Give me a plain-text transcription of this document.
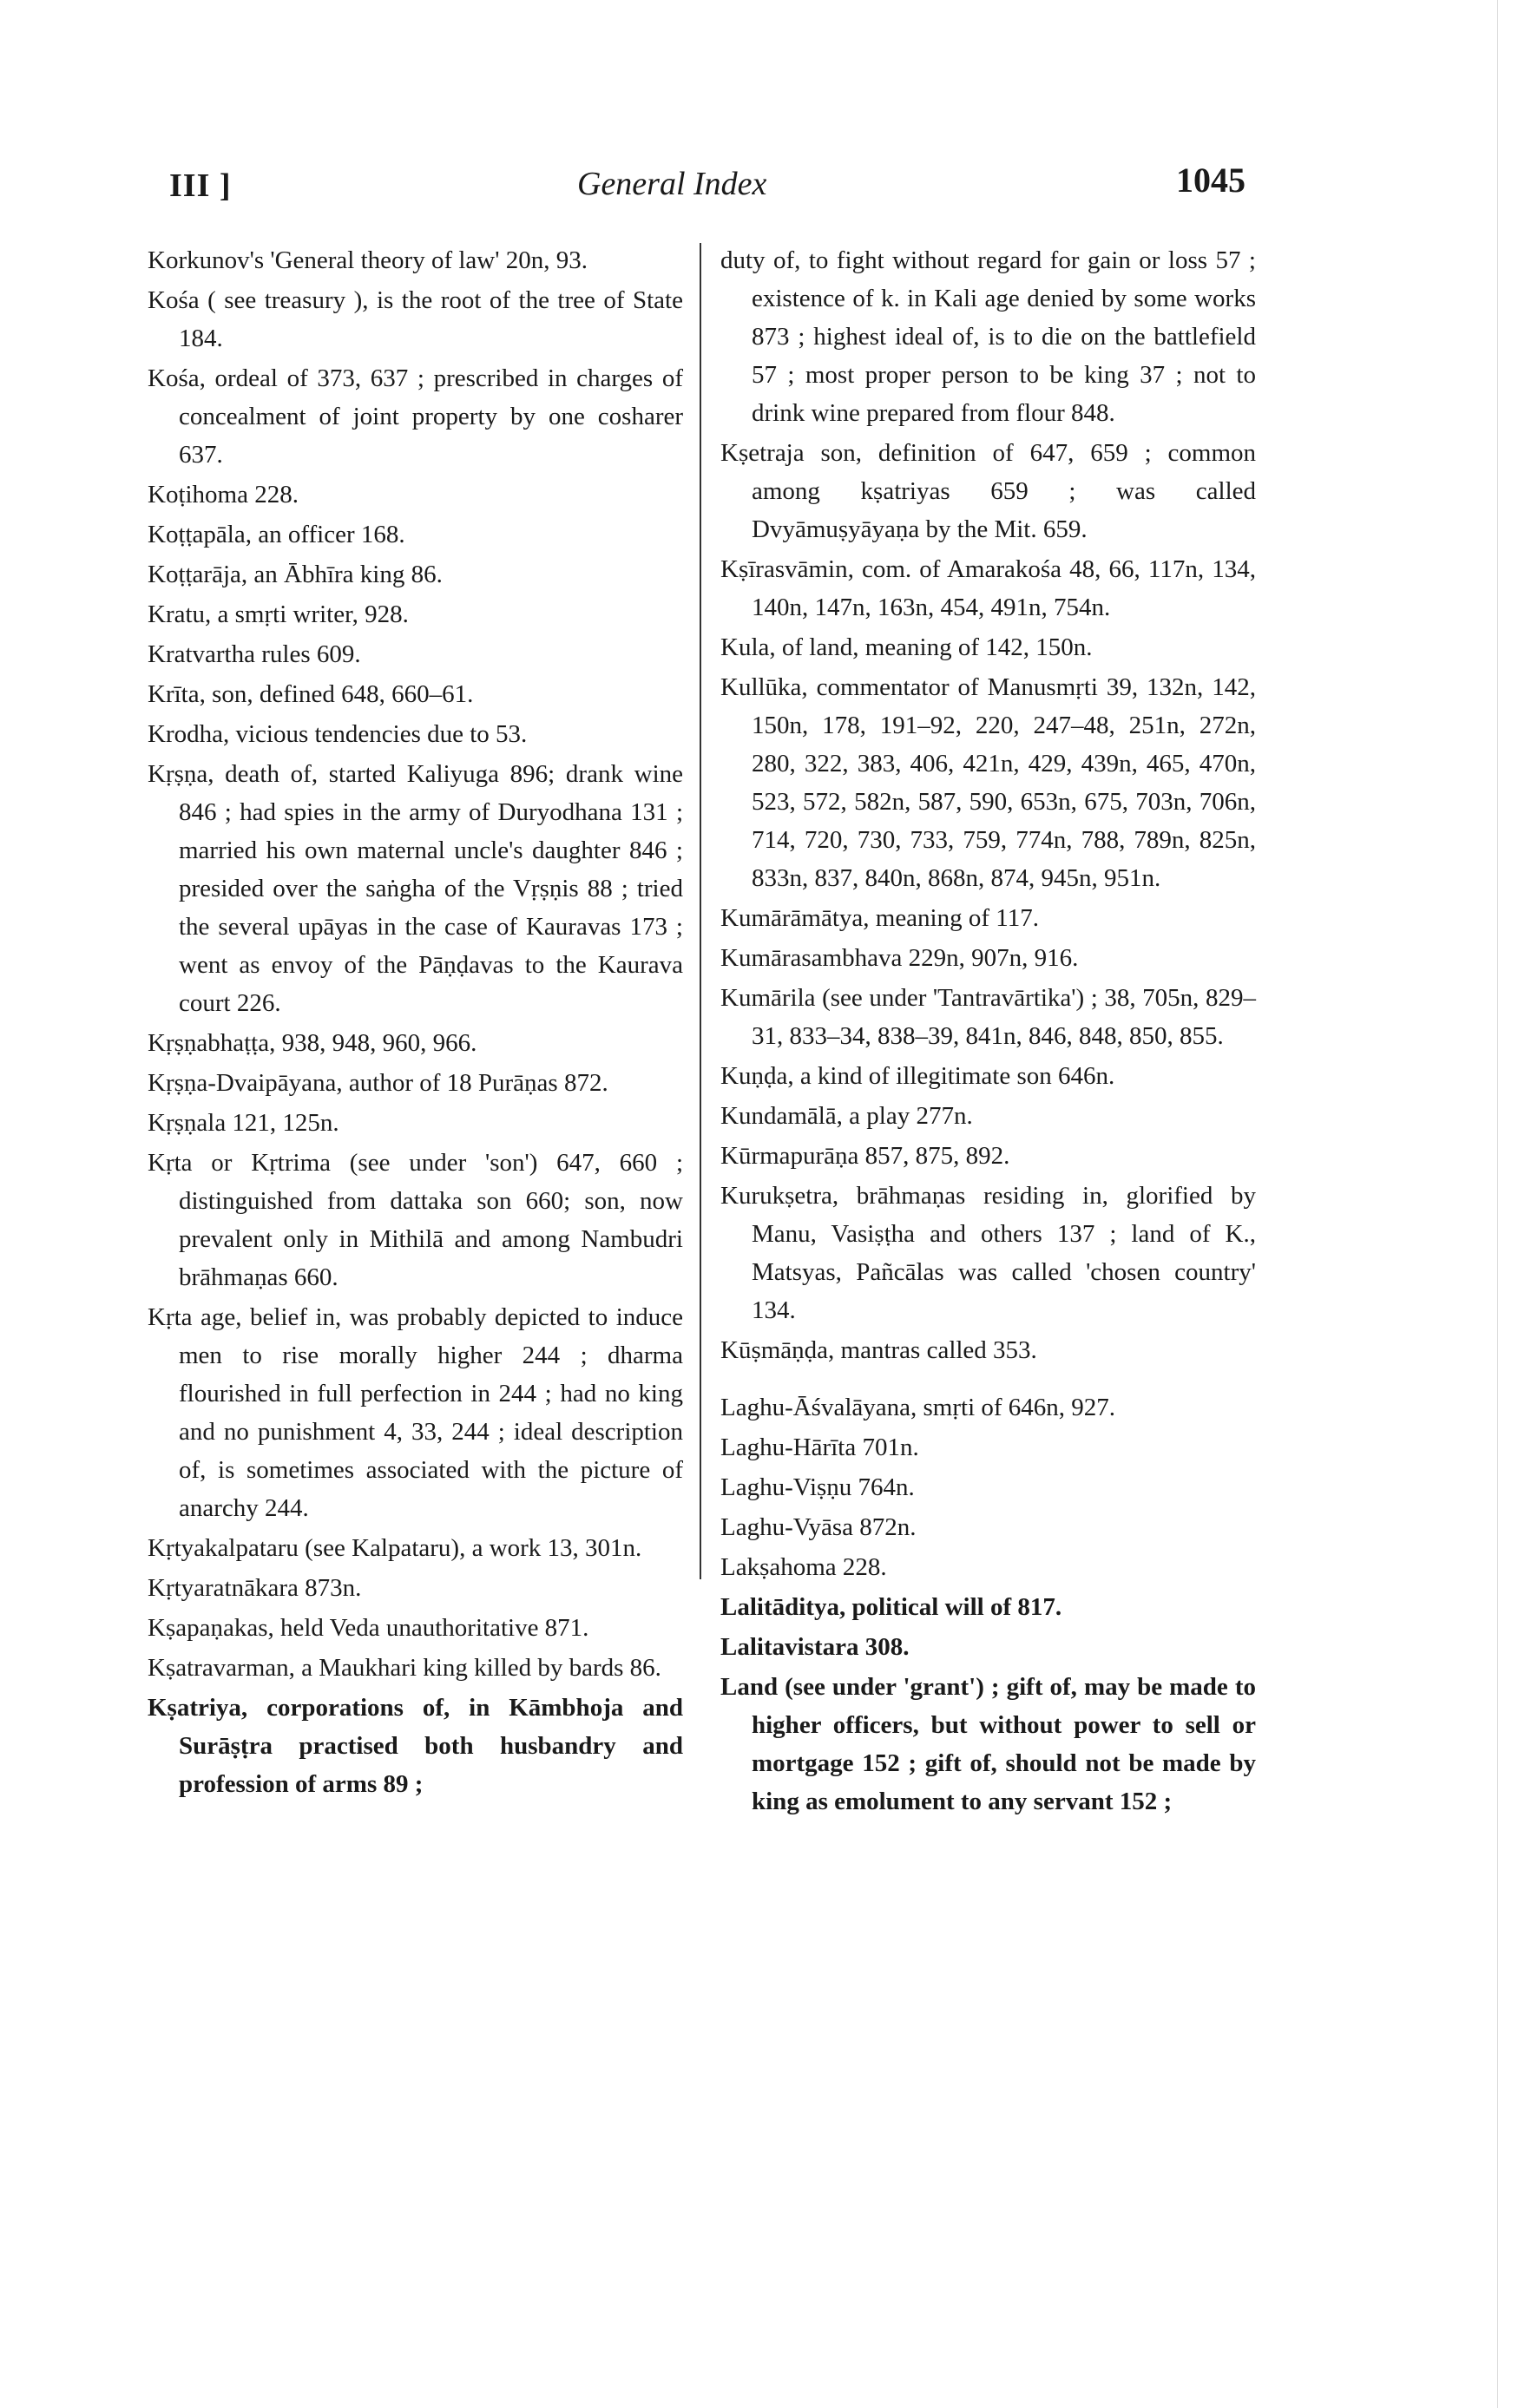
III ]	General Index	1045

Korkunov's 'General theory of law' 20n, 93.

Kośa ( see treasury ), is the root of the tree of State 184.

Kośa, ordeal of 373, 637 ; prescribed in charges of concealment of joint property by one cosharer 637.

Koṭihoma 228.

Koṭṭapāla, an officer 168.

Koṭṭarāja, an Ābhīra king 86.

Kratu, a smṛti writer, 928.

Kratvartha rules 609.

Krīta, son, defined 648, 660–61.

Krodha, vicious tendencies due to 53.

Kṛṣṇa, death of, started Kaliyuga 896; drank wine 846 ; had spies in the army of Duryodhana 131 ; married his own maternal uncle's daughter 846 ; presided over the saṅgha of the Vṛṣṇis 88 ; tried the several upāyas in the case of Kauravas 173 ; went as envoy of the Pāṇḍavas to the Kaurava court 226.

Kṛṣṇabhaṭṭa, 938, 948, 960, 966.

Kṛṣṇa-Dvaipāyana, author of 18 Purāṇas 872.

Kṛṣṇala 121, 125n.

Kṛta or Kṛtrima (see under 'son') 647, 660 ; distinguished from dattaka son 660; son, now prevalent only in Mithilā and among Nambudri brāhmaṇas 660.

Kṛta age, belief in, was probably depicted to induce men to rise morally higher 244 ; dharma flourished in full perfection in 244 ; had no king and no punishment 4, 33, 244 ; ideal description of, is sometimes associated with the picture of anarchy 244.

Kṛtyakalpataru (see Kalpataru), a work 13, 301n.

Kṛtyaratnākara 873n.

Kṣapaṇakas, held Veda unauthoritative 871.

Kṣatravarman, a Maukhari king killed by bards 86.

Kṣatriya, corporations of, in Kāmbhoja and Surāṣṭra practised both husbandry and profession of arms 89 ;

duty of, to fight without regard for gain or loss 57 ; existence of k. in Kali age denied by some works 873 ; highest ideal of, is to die on the battlefield 57 ; most proper person to be king 37 ; not to drink wine prepared from flour 848.

Kṣetraja son, definition of 647, 659 ; common among kṣatriyas 659 ; was called Dvyāmuṣyāyaṇa by the Mit. 659.

Kṣīrasvāmin, com. of Amarakośa 48, 66, 117n, 134, 140n, 147n, 163n, 454, 491n, 754n.

Kula, of land, meaning of 142, 150n.

Kullūka, commentator of Manusmṛti 39, 132n, 142, 150n, 178, 191–92, 220, 247–48, 251n, 272n, 280, 322, 383, 406, 421n, 429, 439n, 465, 470n, 523, 572, 582n, 587, 590, 653n, 675, 703n, 706n, 714, 720, 730, 733, 759, 774n, 788, 789n, 825n, 833n, 837, 840n, 868n, 874, 945n, 951n.

Kumārāmātya, meaning of 117.

Kumārasambhava 229n, 907n, 916.

Kumārila (see under 'Tantravārtika') ; 38, 705n, 829–31, 833–34, 838–39, 841n, 846, 848, 850, 855.

Kuṇḍa, a kind of illegitimate son 646n.

Kundamālā, a play 277n.

Kūrmapurāṇa 857, 875, 892.

Kurukṣetra, brāhmaṇas residing in, glorified by Manu, Vasiṣṭha and others 137 ; land of K., Matsyas, Pañcālas was called 'chosen country' 134.

Kūṣmāṇḍa, mantras called 353.

Laghu-Āśvalāyana, smṛti of 646n, 927.

Laghu-Hārīta 701n.

Laghu-Viṣṇu 764n.

Laghu-Vyāsa 872n.

Lakṣahoma 228.

Lalitāditya, political will of 817.

Lalitavistara 308.

Land (see under 'grant') ; gift of, may be made to higher officers, but without power to sell or mortgage 152 ; gift of, should not be made by king as emolument to any servant 152 ;
